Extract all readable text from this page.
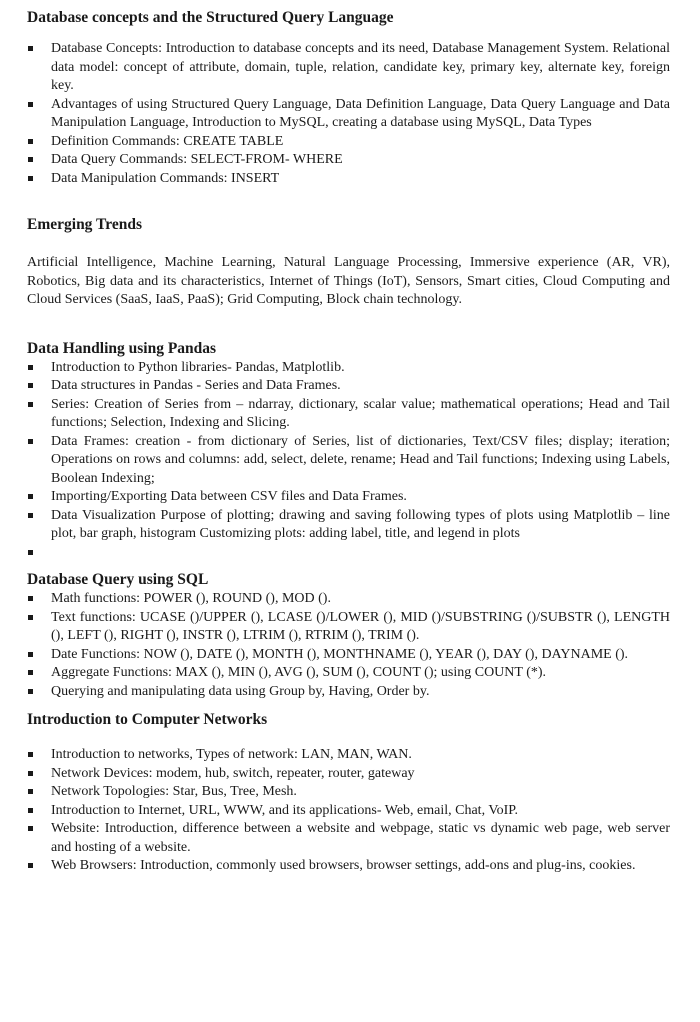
Database concepts and the Structured Query Language
Database Concepts: Introduction to database concepts and its need, Database Management System. Relational data model: concept of attribute, domain, tuple, relation, candidate key, primary key, alternate key, foreign key.
Advantages of using Structured Query Language, Data Definition Language, Data Query Language and Data Manipulation Language, Introduction to MySQL, creating a database using MySQL, Data Types
Definition Commands: CREATE TABLE
Data Query Commands: SELECT-FROM- WHERE
Data Manipulation Commands: INSERT
Emerging Trends

Artificial Intelligence, Machine Learning, Natural Language Processing, Immersive experience (AR, VR), Robotics, Big data and its characteristics, Internet of Things (IoT), Sensors, Smart cities, Cloud Computing and Cloud Services (SaaS, IaaS, PaaS); Grid Computing, Block chain technology.

Data Handling using Pandas
Introduction to Python libraries- Pandas, Matplotlib.
Data structures in Pandas - Series and Data Frames.
Series: Creation of Series from – ndarray, dictionary, scalar value; mathematical operations; Head and Tail functions; Selection, Indexing and Slicing.
Data Frames: creation - from dictionary of Series, list of dictionaries, Text/CSV files; display; iteration; Operations on rows and columns: add, select, delete, rename; Head and Tail functions; Indexing using Labels, Boolean Indexing;
Importing/Exporting Data between CSV files and Data Frames.
Data Visualization Purpose of plotting; drawing and saving following types of plots using Matplotlib – line plot, bar graph, histogram Customizing plots: adding label, title, and legend in plots
Database Query using SQL
Math functions: POWER (), ROUND (), MOD ().
Text functions: UCASE ()/UPPER (), LCASE ()/LOWER (), MID ()/SUBSTRING ()/SUBSTR (), LENGTH (), LEFT (), RIGHT (), INSTR (), LTRIM (), RTRIM (), TRIM ().
Date Functions: NOW (), DATE (), MONTH (), MONTHNAME (), YEAR (), DAY (), DAYNAME ().
Aggregate Functions: MAX (), MIN (), AVG (), SUM (), COUNT (); using COUNT (*).
Querying and manipulating data using Group by, Having, Order by.
Introduction to Computer Networks
Introduction to networks, Types of network: LAN, MAN, WAN.
Network Devices: modem, hub, switch, repeater, router, gateway
Network Topologies: Star, Bus, Tree, Mesh.
Introduction to Internet, URL, WWW, and its applications- Web, email, Chat, VoIP.
Website: Introduction, difference between a website and webpage, static vs dynamic web page, web server and hosting of a website.
Web Browsers: Introduction, commonly used browsers, browser settings, add-ons and plug-ins, cookies.
